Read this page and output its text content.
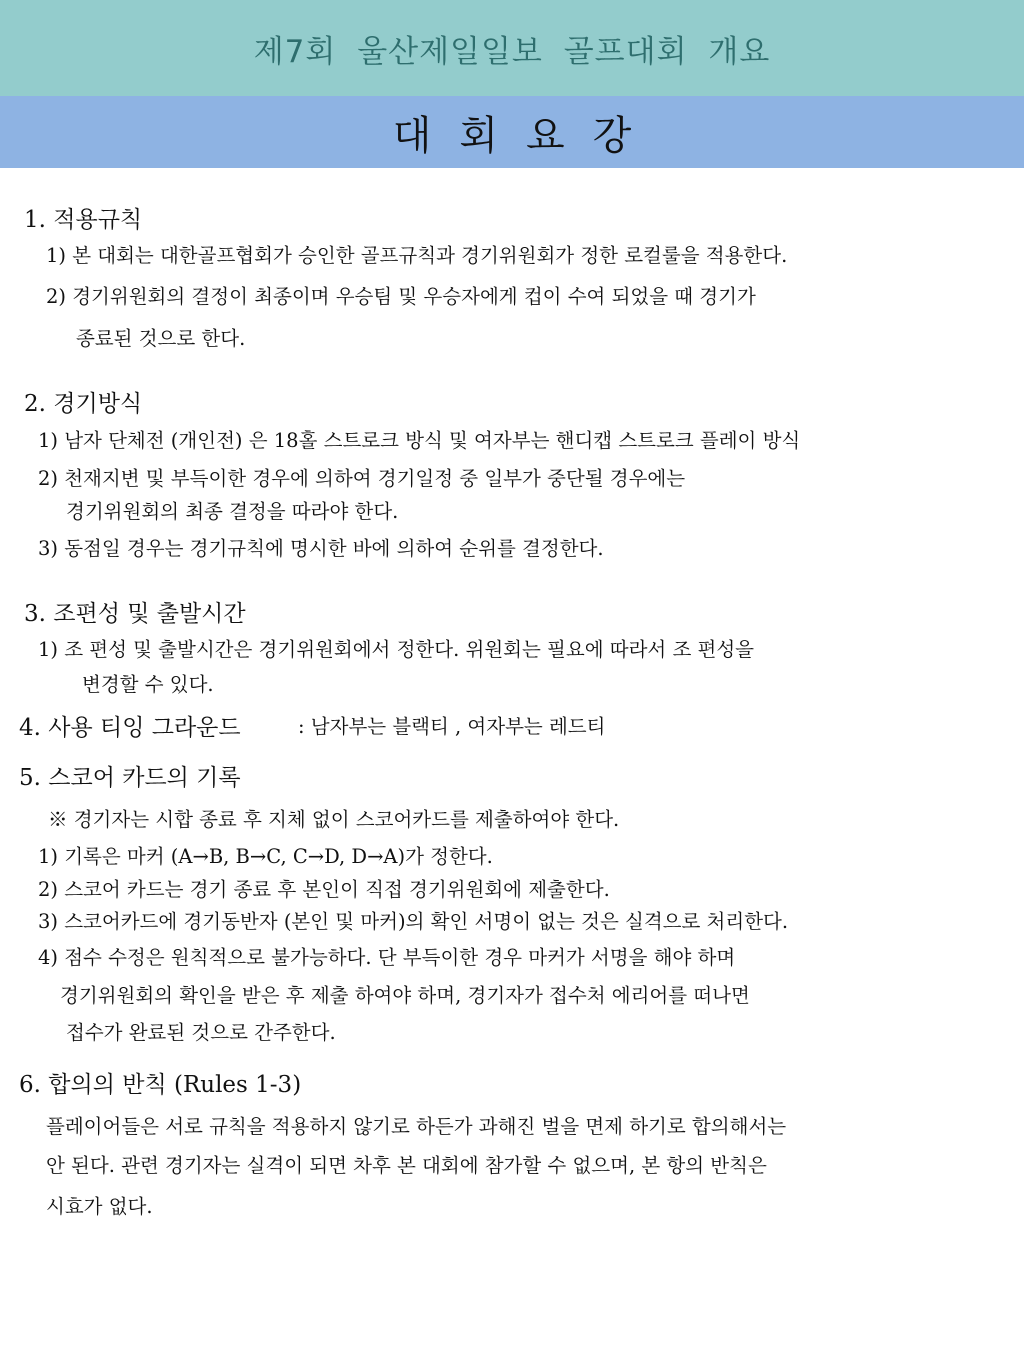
제7회 울산제일일보 골프대회 개요
대회요강
1. 적용규칙
1) 본 대회는 대한골프협회가 승인한 골프규칙과 경기위원회가 정한 로컬룰을 적용한다.
2) 경기위원회의 결정이 최종이며 우승팀 및 우승자에게 컵이 수여 되었을 때 경기가
종료된 것으로 한다.
2. 경기방식
1) 남자 단체전 (개인전) 은 18홀 스트로크 방식 및 여자부는 핸디캡 스트로크 플레이 방식
2) 천재지변 및 부득이한 경우에 의하여 경기일정 중 일부가 중단될 경우에는
경기위원회의 최종 결정을 따라야 한다.
3) 동점일 경우는 경기규칙에 명시한 바에 의하여 순위를 결정한다.
3. 조편성 및 출발시간
1) 조 편성 및 출발시간은 경기위원회에서 정한다. 위원회는 필요에 따라서 조 편성을
변경할 수 있다.
4. 사용 티잉 그라운드	: 남자부는 블랙티 , 여자부는 레드티
5. 스코어 카드의 기록
※ 경기자는 시합 종료 후 지체 없이 스코어카드를 제출하여야 한다.
1) 기록은 마커 (A→B, B→C, C→D, D→A)가 정한다.
2) 스코어 카드는 경기 종료 후 본인이 직접 경기위원회에 제출한다.
3) 스코어카드에 경기동반자 (본인 및 마커)의 확인 서명이 없는 것은 실격으로 처리한다.
4) 점수 수정은 원칙적으로 불가능하다. 단 부득이한 경우 마커가 서명을 해야 하며
경기위원회의 확인을 받은 후 제출 하여야 하며, 경기자가 접수처 에리어를 떠나면
접수가 완료된 것으로 간주한다.
6. 합의의 반칙 (Rules 1-3)
플레이어들은 서로 규칙을 적용하지 않기로 하든가 과해진 벌을 면제 하기로 합의해서는
안 된다. 관련 경기자는 실격이 되면 차후 본 대회에 참가할 수 없으며, 본 항의 반칙은
시효가 없다.
